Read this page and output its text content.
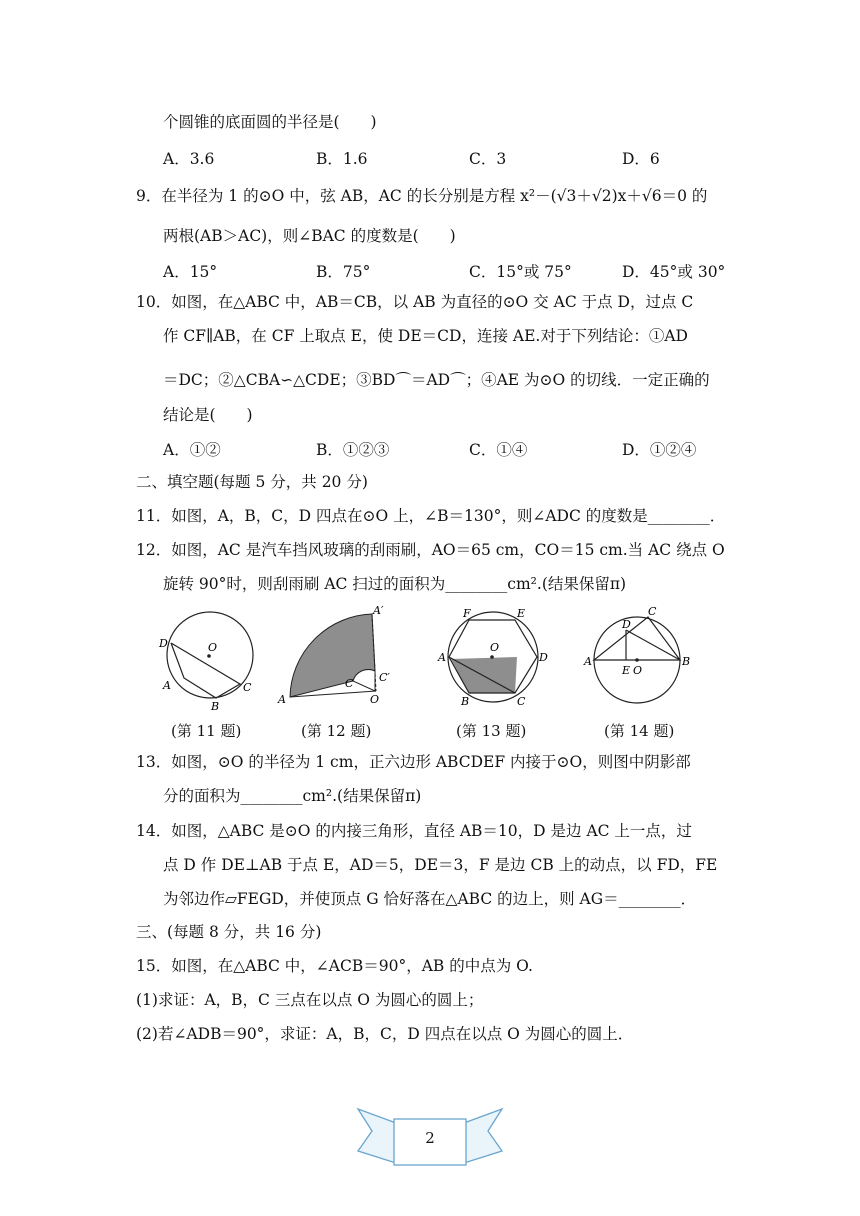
个圆锥的底面圆的半径是(　　)
A．3.6	B．1.6	C．3	D．6
9．在半径为 1 的⊙O 中，弦 AB，AC 的长分别是方程 x²－(√3＋√2)x＋√6＝0 的
两根(AB＞AC)，则∠BAC 的度数是(　　)
A．15°	B．75°	C．15°或 75°	D．45°或 30°
10．如图，在△ABC 中，AB＝CB，以 AB 为直径的⊙O 交 AC 于点 D，过点 C
作 CF∥AB，在 CF 上取点 E，使 DE＝CD，连接 AE.对于下列结论：①AD
＝DC；②△CBA∽△CDE；③BD⌒＝AD⌒；④AE 为⊙O 的切线．一定正确的
结论是(　　)
A．①②	B．①②③	C．①④	D．①②④
二、填空题(每题 5 分，共 20 分)
11．如图，A，B，C，D 四点在⊙O 上，∠B＝130°，则∠ADC 的度数是________．
12．如图，AC 是汽车挡风玻璃的刮雨刷，AO＝65 cm，CO＝15 cm.当 AC 绕点 O
旋转 90°时，则刮雨刷 AC 扫过的面积为________cm².(结果保留π)
D	O
A
B
C
A′
C
O
C′
A
F	E
A
O
D
B	C
C
D
A
E O
B
(第 11 题)	(第 12 题)	(第 13 题)	(第 14 题)
13．如图，⊙O 的半径为 1 cm，正六边形 ABCDEF 内接于⊙O，则图中阴影部
分的面积为________cm².(结果保留π)
14．如图，△ABC 是⊙O 的内接三角形，直径 AB＝10，D 是边 AC 上一点，过
点 D 作 DE⊥AB 于点 E，AD＝5，DE＝3，F 是边 CB 上的动点，以 FD，FE
为邻边作▱FEGD，并使顶点 G 恰好落在△ABC 的边上，则 AG＝________．
三、(每题 8 分，共 16 分)
15．如图，在△ABC 中，∠ACB＝90°，AB 的中点为 O.
(1)求证：A，B，C 三点在以点 O 为圆心的圆上；
(2)若∠ADB＝90°，求证：A，B，C，D 四点在以点 O 为圆心的圆上．
2
